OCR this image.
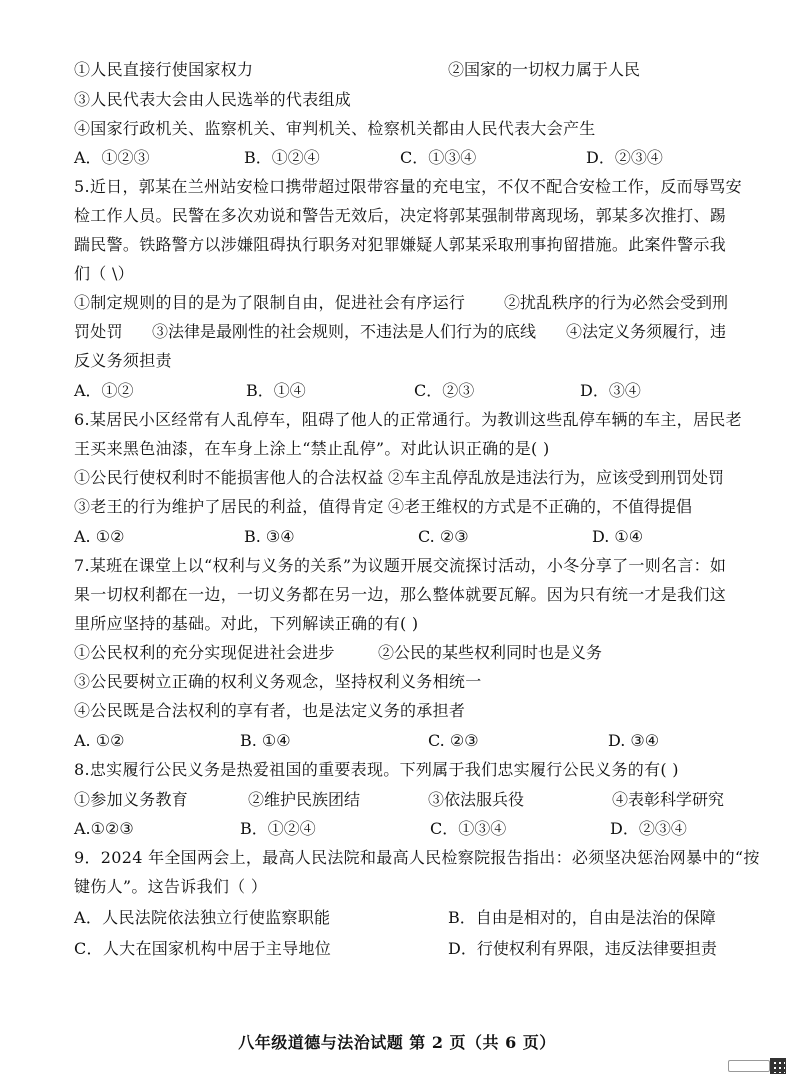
①人民直接行使国家权力	②国家的一切权力属于人民
③人民代表大会由人民选举的代表组成
④国家行政机关、监察机关、审判机关、检察机关都由人民代表大会产生
A．①②③	B．①②④	C．①③④	D．②③④
5.近日，郭某在兰州站安检口携带超过限带容量的充电宝，不仅不配合安检工作，反而辱骂安
检工作人员。民警在多次劝说和警告无效后，决定将郭某强制带离现场，郭某多次推打、踢
踹民警。铁路警方以涉嫌阻碍执行职务对犯罪嫌疑人郭某采取刑事拘留措施。此案件警示我
们（ \）
①制定规则的目的是为了限制自由，促进社会有序运行 ②扰乱秩序的行为必然会受到刑
罚处罚 ③法律是最刚性的社会规则，不违法是人们行为的底线 ④法定义务须履行，违
反义务须担责
A．①②	B．①④	C．②③	D．③④
6.某居民小区经常有人乱停车，阻碍了他人的正常通行。为教训这些乱停车辆的车主，居民老
王买来黑色油漆，在车身上涂上“禁止乱停”。对此认识正确的是( )
①公民行使权利时不能损害他人的合法权益 ②车主乱停乱放是违法行为，应该受到刑罚处罚
③老王的行为维护了居民的利益，值得肯定 ④老王维权的方式是不正确的，不值得提倡
A. ①②	B. ③④	C. ②③	D. ①④
7.某班在课堂上以“权利与义务的关系”为议题开展交流探讨活动，小冬分享了一则名言：如
果一切权利都在一边，一切义务都在另一边，那么整体就要瓦解。因为只有统一才是我们这
里所应坚持的基础。对此，下列解读正确的有( )
①公民权利的充分实现促进社会进步	②公民的某些权利同时也是义务
③公民要树立正确的权利义务观念，坚持权利义务相统一
④公民既是合法权利的享有者，也是法定义务的承担者
A. ①②	B. ①④	C. ②③	D. ③④
8.忠实履行公民义务是热爱祖国的重要表现。下列属于我们忠实履行公民义务的有( )
①参加义务教育	②维护民族团结	③依法服兵役	④表彰科学研究
A.①②③	B．①②④	C．①③④	D．②③④
9．2024 年全国两会上，最高人民法院和最高人民检察院报告指出：必须坚决惩治网暴中的“按
键伤人”。这告诉我们（ ）
A．人民法院依法独立行使监察职能	B．自由是相对的，自由是法治的保障
C．人大在国家机构中居于主导地位	D．行使权利有界限，违反法律要担责
八年级道德与法治试题 第 2 页（共 6 页）
